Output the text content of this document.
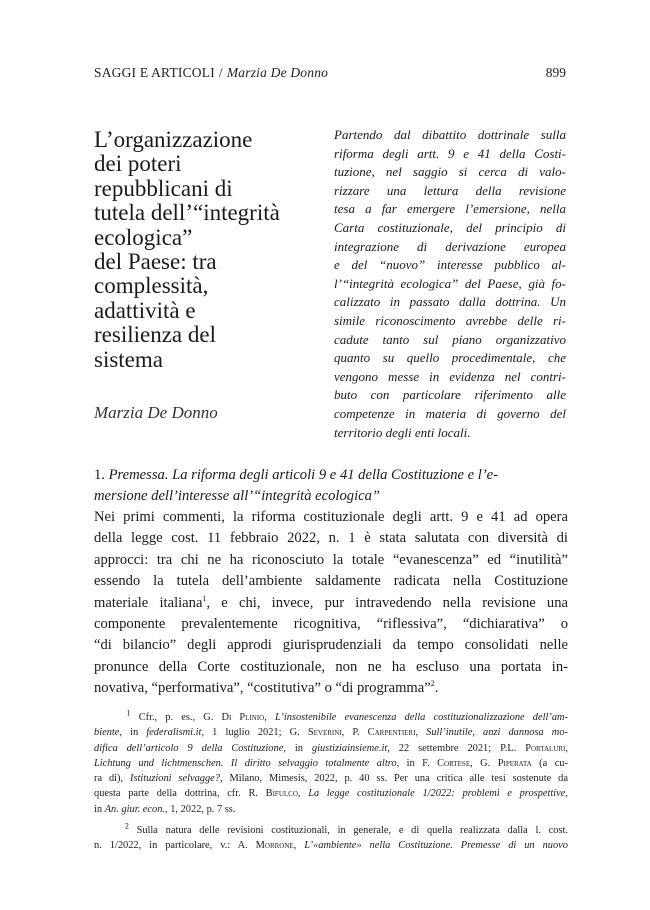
SAGGI E ARTICOLI / Marzia De Donno	899
L’organizzazione
dei poteri
repubblicani di
tutela dell’“integrità
ecologica”
del Paese: tra
complessità,
adattività e
resilienza del
sistema
Marzia De Donno
Partendo dal dibattito dottrinale sulla
riforma degli artt. 9 e 41 della Costi-
tuzione, nel saggio si cerca di valo-
rizzare una lettura della revisione
tesa a far emergere l’emersione, nella
Carta costituzionale, del principio di
integrazione di derivazione europea
e del “nuovo” interesse pubblico al-
l’“integrità ecologica” del Paese, già fo-
calizzato in passato dalla dottrina. Un
simile riconoscimento avrebbe delle ri-
cadute tanto sul piano organizzativo
quanto su quello procedimentale, che
vengono messe in evidenza nel contri-
buto con particolare riferimento alle
competenze in materia di governo del
territorio degli enti locali.
1. Premessa. La riforma degli articoli 9 e 41 della Costituzione e l’e-
mersione dell’interesse all’“integrità ecologica”
Nei primi commenti, la riforma costituzionale degli artt. 9 e 41 ad opera
della legge cost. 11 febbraio 2022, n. 1 è stata salutata con diversità di
approcci: tra chi ne ha riconosciuto la totale “evanescenza” ed “inutilità”
essendo la tutela dell’ambiente saldamente radicata nella Costituzione
materiale italiana$^1$, e chi, invece, pur intravedendo nella revisione una
componente prevalentemente ricognitiva, “riflessiva”, “dichiarativa” o
“di bilancio” degli approdi giurisprudenziali da tempo consolidati nelle
pronunce della Corte costituzionale, non ne ha escluso una portata in-
novativa, “performativa”, “costitutiva” o “di programma”$^2$.
$^1$ Cfr., p. es., G. Di Plinio, L’insostenibile evanescenza della costituzionalizzazione dell’am-
biente, in federalismi.it, 1 luglio 2021; G. Severini, P. Carpentieri, Sull’inutile, anzi dannosa mo-
difica dell’articolo 9 della Costituzione, in giustiziainsieme.it, 22 settembre 2021; P.L. Portaluri,
Lichtung und lichtmenschen. Il diritto selvaggio totalmente altro, in F. Cortese, G. Piperata (a cu-
ra di), Istituzioni selvagge?, Milano, Mimesis, 2022, p. 40 ss. Per una critica alle tesi sostenute da
questa parte della dottrina, cfr. R. Bifulco, La legge costituzionale 1/2022: problemi e prospettive,
in An. giur. econ., 1, 2022, p. 7 ss.
$^2$ Sulla natura delle revisioni costituzionali, in generale, e di quella realizzata dalla l. cost.
n. 1/2022, in particolare, v.: A. Morrone, L’«ambiente» nella Costituzione. Premesse di un nuovo
